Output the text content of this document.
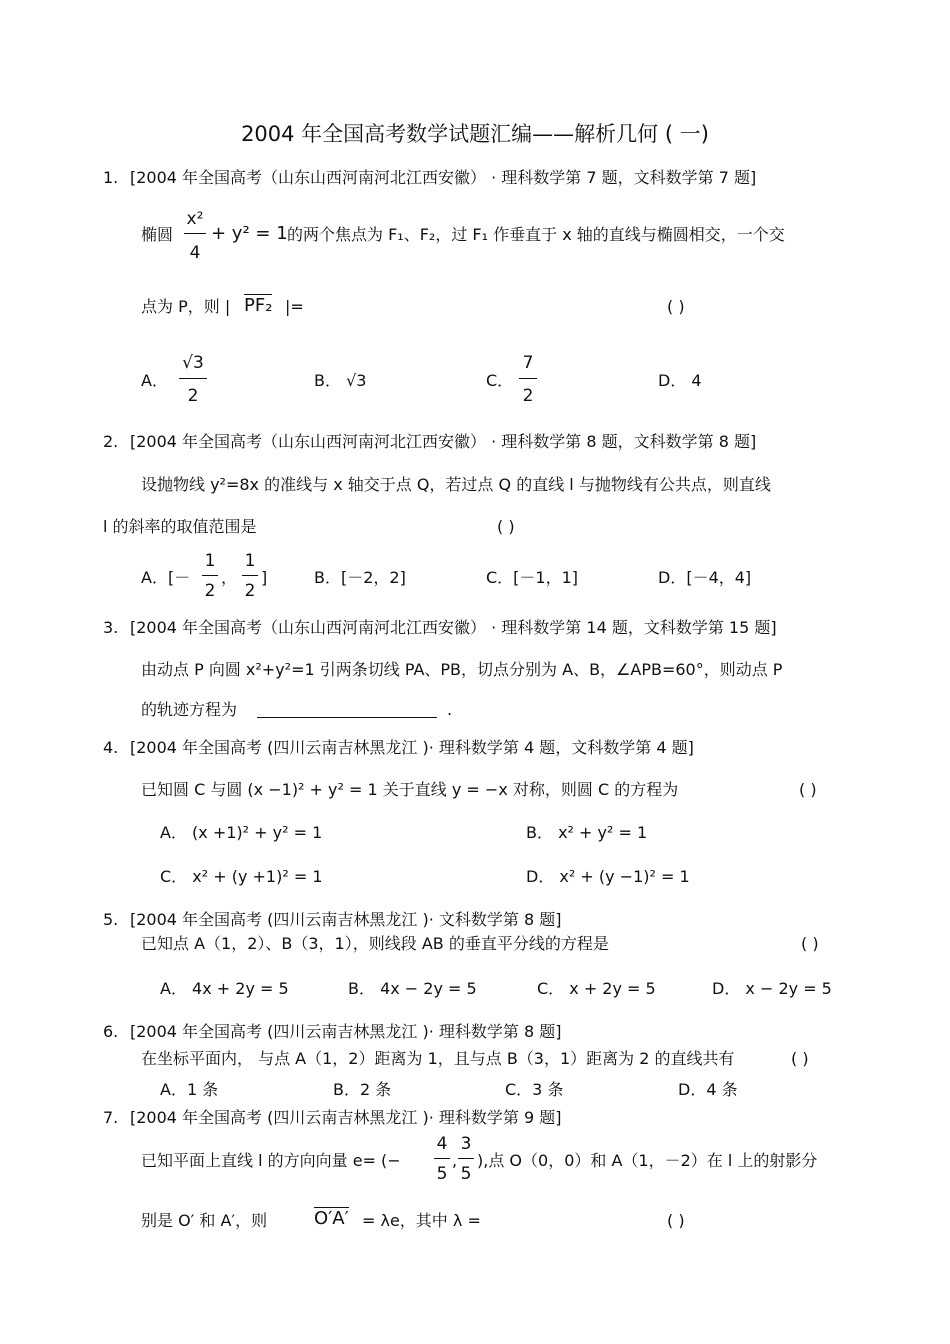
2004 年全国高考数学试题汇编——解析几何 ( 一)
1. [2004 年全国高考（山东山西河南河北江西安徽） · 理科数学第 7 题，文科数学第 7 题]
椭圆
x²
4
+ y² = 1 的两个焦点为 F₁、F₂，过 F₁ 作垂直于 x 轴的直线与椭圆相交，一个交
点为 P，则 | PF₂ |=	( )
A．
√3
2
B． √3	C．
7
2
D． 4
2. [2004 年全国高考（山东山西河南河北江西安徽） · 理科数学第 8 题，文科数学第 8 题]
设抛物线 y²=8x 的准线与 x 轴交于点 Q，若过点 Q 的直线 l 与抛物线有公共点，则直线
l 的斜率的取值范围是	( )
A．[－
1
2
，
1
2
]	B．[－2，2]	C．[－1，1]	D．[－4，4]
3. [2004 年全国高考（山东山西河南河北江西安徽） · 理科数学第 14 题，文科数学第 15 题]
由动点 P 向圆 x²+y²=1 引两条切线 PA、PB，切点分别为 A、B，∠APB=60°，则动点 P
的轨迹方程为	.
4. [2004 年全国高考 (四川云南吉林黑龙江 )· 理科数学第 4 题，文科数学第 4 题]
已知圆 C 与圆 (x −1)² + y² = 1 关于直线 y = −x 对称，则圆 C 的方程为	( )
A． (x +1)² + y² = 1	B． x² + y² = 1
C． x² + (y +1)² = 1	D． x² + (y −1)² = 1
5. [2004 年全国高考 (四川云南吉林黑龙江 )· 文科数学第 8 题]
已知点 A（1，2）、B（3，1），则线段 AB 的垂直平分线的方程是	( )
A． 4x + 2y = 5	B． 4x − 2y = 5	C． x + 2y = 5	D． x − 2y = 5
6. [2004 年全国高考 (四川云南吉林黑龙江 )· 理科数学第 8 题]
在坐标平面内， 与点 A（1，2）距离为 1，且与点 B（3，1）距离为 2 的直线共有	( )
A．1 条	B．2 条	C．3 条	D．4 条
7. [2004 年全国高考 (四川云南吉林黑龙江 )· 理科数学第 9 题]
已知平面上直线 l 的方向向量 e= (−
4
5
,
3
5
),点 O（0，0）和 A（1，－2）在 l 上的射影分
别是 O′ 和 A′，则	O′A′ = λe，其中 λ =	( )
